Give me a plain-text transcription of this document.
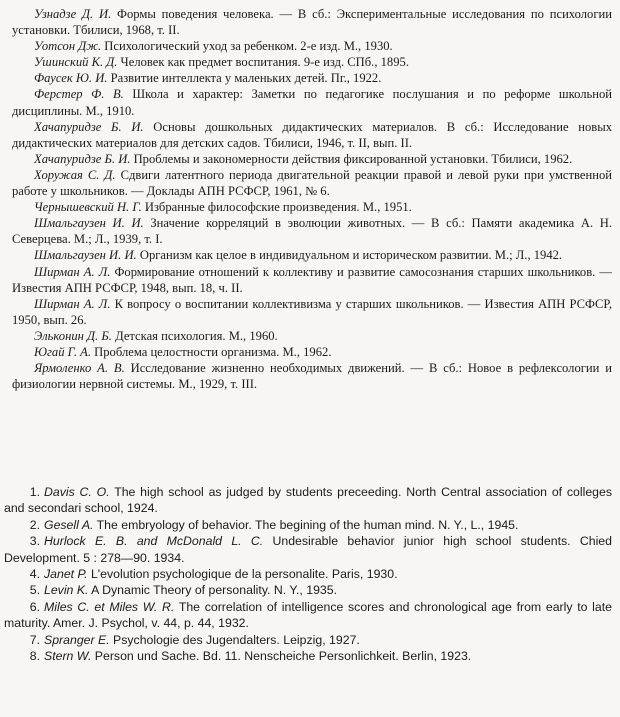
Узнадзе Д. И. Формы поведения человека. — В сб.: Экспериментальные исследования по психологии установки. Тбилиси, 1968, т. II.

Уотсон Дж. Психологический уход за ребенком. 2-е изд. М., 1930.

Ушинский К. Д. Человек как предмет воспитания. 9-е изд. СПб., 1895.

Фаусек Ю. И. Развитие интеллекта у маленьких детей. Пг., 1922.

Ферстер Ф. В. Школа и характер: Заметки по педагогике послушания и по реформе школьной дисциплины. М., 1910.

Хачапуридзе Б. И. Основы дошкольных дидактических материалов. В сб.: Исследование новых дидактических материалов для детских садов. Тбилиси, 1946, т. II, вып. II.

Хачапуридзе Б. И. Проблемы и закономерности действия фиксированной установки. Тбилиси, 1962.

Хоружая С. Д. Сдвиги латентного периода двигательной реакции правой и левой руки при умственной работе у школьников. — Доклады АПН РСФСР, 1961, № 6.

Чернышевский Н. Г. Избранные философские произведения. М., 1951.

Шмальгаузен И. И. Значение корреляций в эволюции животных. — В сб.: Памяти академика А. Н. Северцева. М.; Л., 1939, т. I.

Шмальгаузен И. И. Организм как целое в индивидуальном и историческом развитии. М.; Л., 1942.

Ширман А. Л. Формирование отношений к коллективу и развитие самосознания старших школьников. — Известия АПН РСФСР, 1948, вып. 18, ч. II.

Ширман А. Л. К вопросу о воспитании коллективизма у старших школьников. — Известия АПН РСФСР, 1950, вып. 26.

Эльконин Д. Б. Детская психология. М., 1960.

Югай Г. А. Проблема целостности организма. М., 1962.

Ярмоленко А. В. Исследование жизненно необходимых движений. — В сб.: Новое в рефлексологии и физиологии нервной системы. М., 1929, т. III.

1. Davis C. O. The high school as judged by students preceeding. North Central association of colleges and secondari school, 1924.

2. Gesell A. The embryology of behavior. The begining of the human mind. N. Y., L., 1945.

3. Hurlock E. B. and McDonald L. C. Undesirable behavior junior high school students. Chied Development. 5 : 278—90. 1934.

4. Janet P. L'evolution psychologique de la personalite. Paris, 1930.

5. Levin K. A Dynamic Theory of personality. N. Y., 1935.

6. Miles C. et Miles W. R. The correlation of intelligence scores and chronological age from early to late maturity. Amer. J. Psychol, v. 44, p. 44, 1932.

7. Spranger E. Psychologie des Jugendalters. Leipzig, 1927.

8. Stern W. Person und Sache. Bd. 11. Nenscheiche Personlichkeit. Berlin, 1923.
